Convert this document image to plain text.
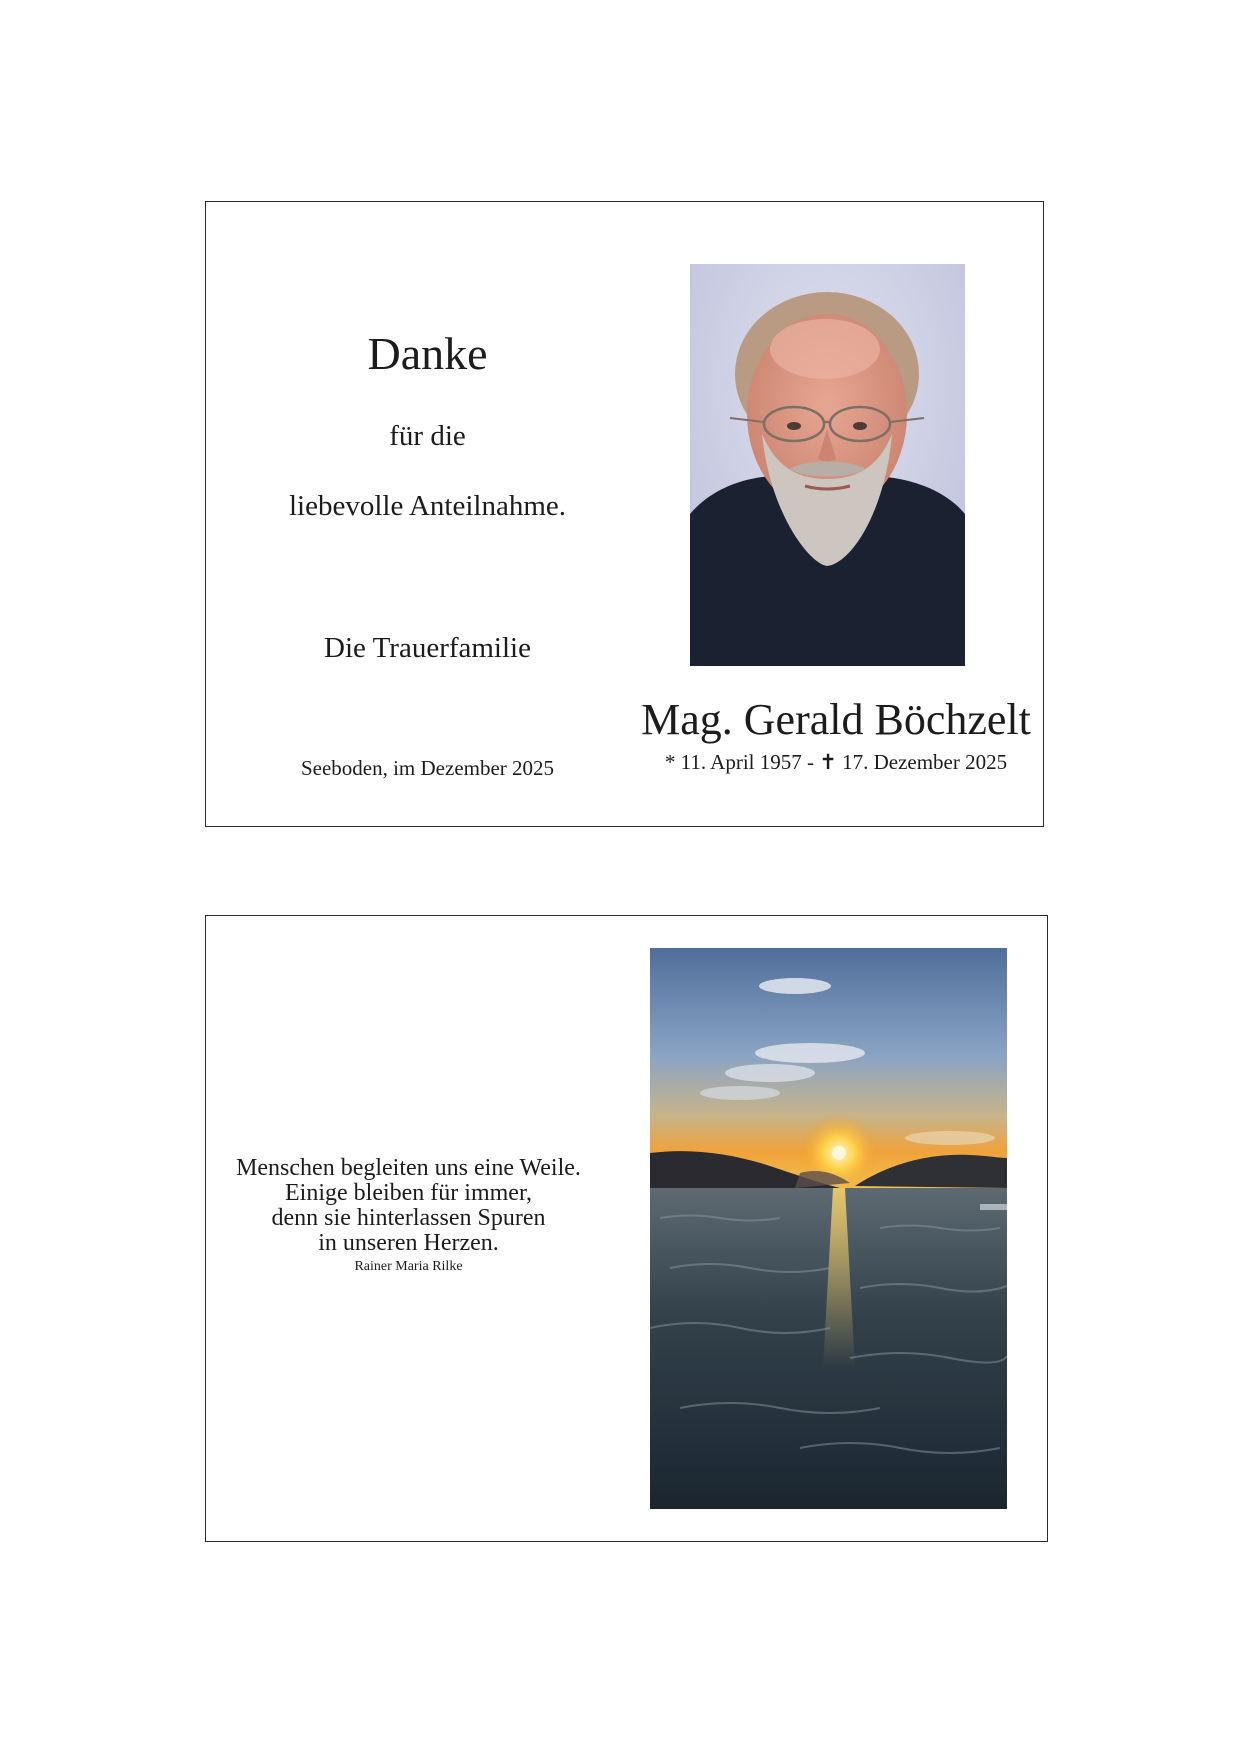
Danke
für die
liebevolle Anteilnahme.
Die Trauerfamilie
Seeboden, im Dezember 2025
Mag. Gerald Böchzelt
* 11. April 1957 - ✝ 17. Dezember 2025
Menschen begleiten uns eine Weile.
Einige bleiben für immer,
denn sie hinterlassen Spuren
in unseren Herzen.
Rainer Maria Rilke
